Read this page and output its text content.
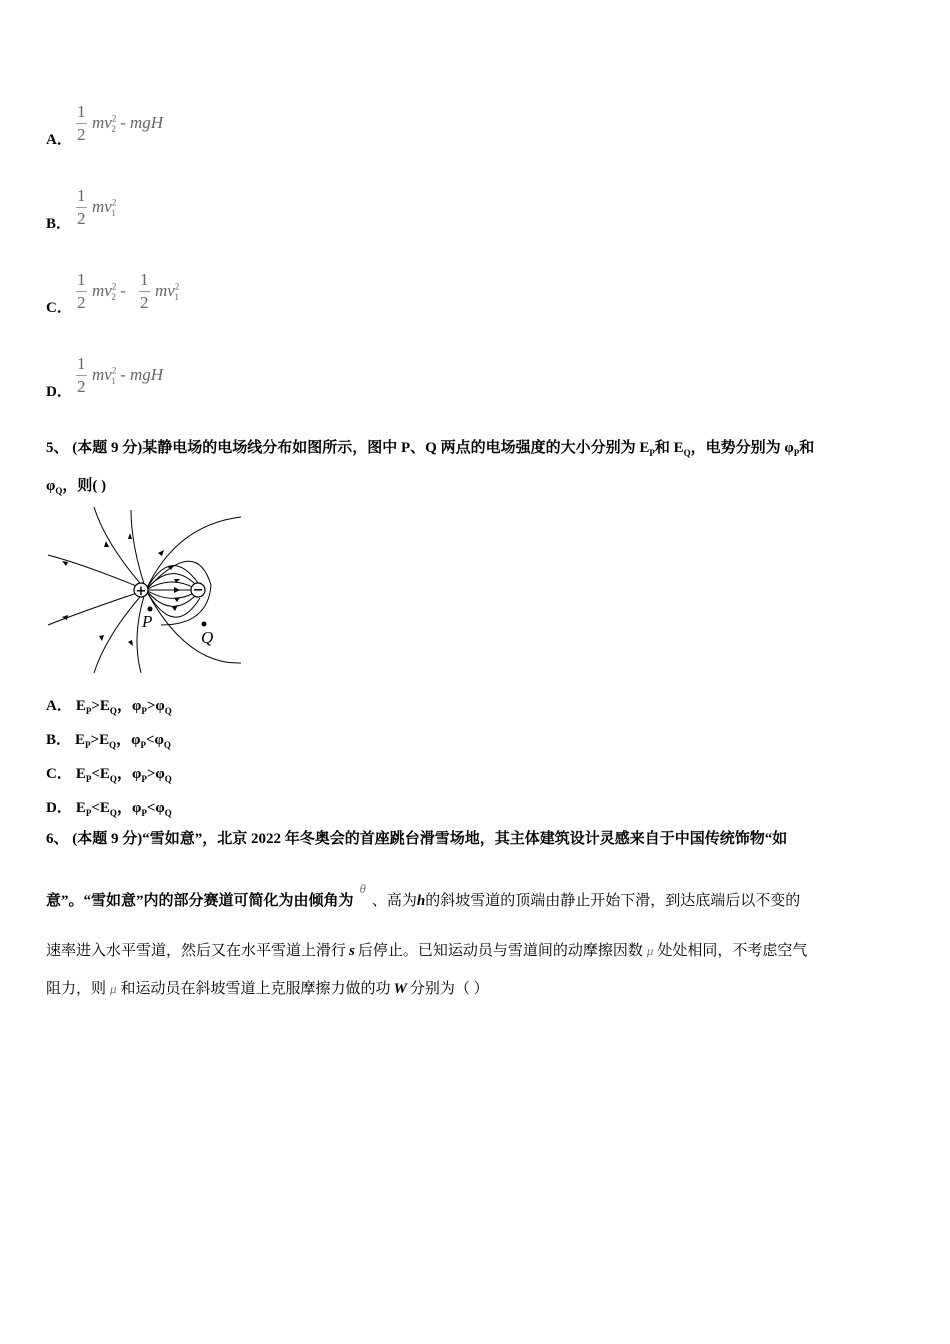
A． $\frac{1}{2} mv^2_2$ - mgH
B． $\frac{1}{2} mv^2_1$
C． $\frac{1}{2} mv^2_2 - \frac{1}{2} mv^2_1$
D． $\frac{1}{2} mv^2_1$ - mgH
5、 (本题 9 分)某静电场的电场线分布如图所示，图中 P、Q 两点的电场强度的大小分别为 $E_P$和 $E_Q$，电势分别为 $\varphi_P$和
$\varphi_Q$，则( )
+	−
P
Q
A． $E_P>E_Q$，$\varphi_P>\varphi_Q$
B． $E_P>E_Q$，$\varphi_P<\varphi_Q$
C． $E_P<E_Q$，$\varphi_P>\varphi_Q$
D． $E_P<E_Q$，$\varphi_P<\varphi_Q$
6、 (本题 9 分)“雪如意”，北京 2022 年冬奥会的首座跳台滑雪场地，其主体建筑设计灵感来自于中国传统饰物“如
意”。“雪如意”内的部分赛道可简化为由倾角为θ、高为h的斜坡雪道的顶端由静止开始下滑，到达底端后以不变的
速率进入水平雪道，然后又在水平雪道上滑行 s 后停止。已知运动员与雪道间的动摩擦因数 μ 处处相同，不考虑空气
阻力，则 μ 和运动员在斜坡雪道上克服摩擦力做的功 W 分别为（ ）
